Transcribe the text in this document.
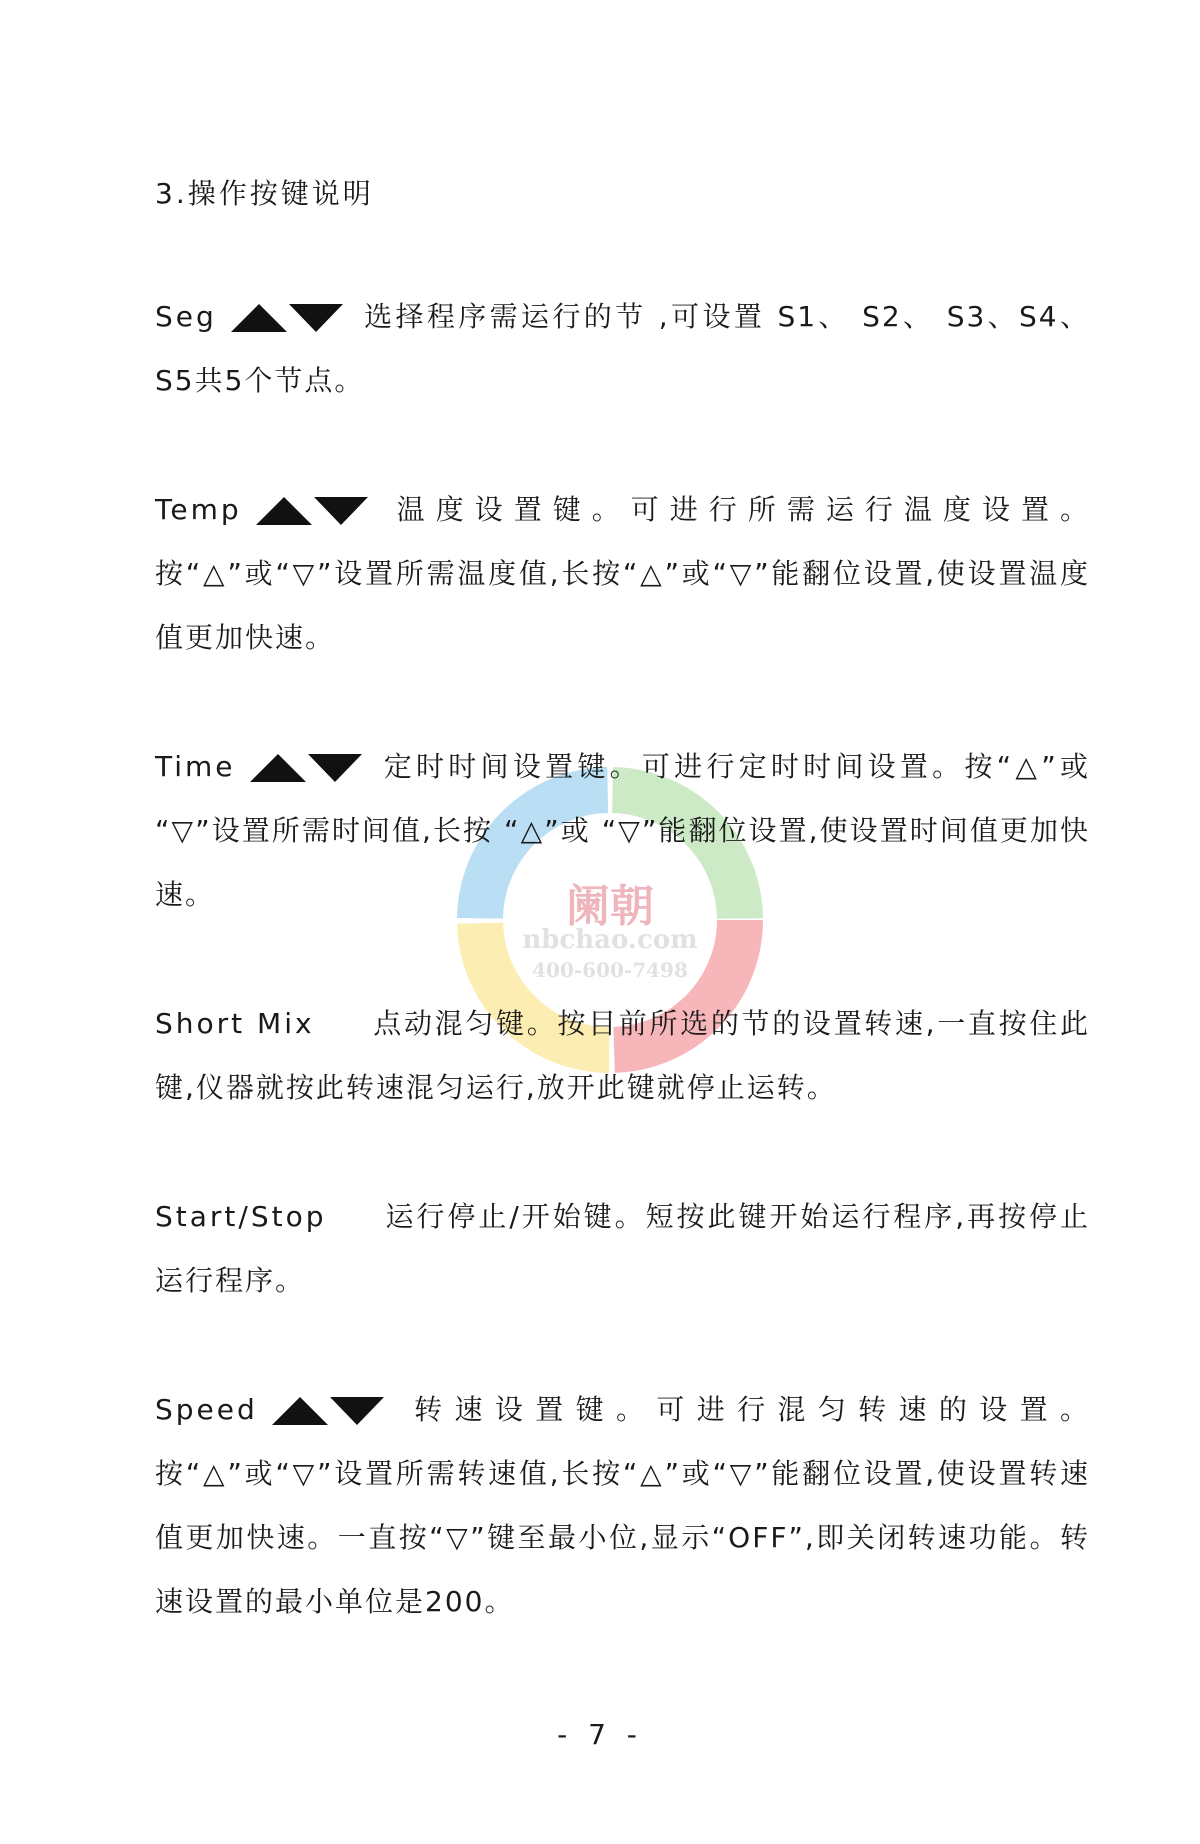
阑朝
nbchao.com
400-600-7498
3.操作按键说明
Seg	选择程序需运行的节 ,可设置 S1、 S2、 S3、S4、S5共5个节点。
Temp	温度设置键。可进行所需运行温度设置。按“△”或“▽”设置所需温度值,长按“△”或“▽”能翻位设置,使设置温度值更加快速。
Time	定时时间设置键。可进行定时时间设置。按“△”或 “▽”设置所需时间值,长按 “△”或 “▽”能翻位设置,使设置时间值更加快速。
Short Mix 点动混匀键。按目前所选的节的设置转速,一直按住此键,仪器就按此转速混匀运行,放开此键就停止运转。
Start/Stop 运行停止/开始键。短按此键开始运行程序,再按停止运行程序。
Speed	转速设置键。可进行混匀转速的设置。按“△”或“▽”设置所需转速值,长按“△”或“▽”能翻位设置,使设置转速值更加快速。一直按“▽”键至最小位,显示“OFF”,即关闭转速功能。转速设置的最小单位是200。
- 7 -
